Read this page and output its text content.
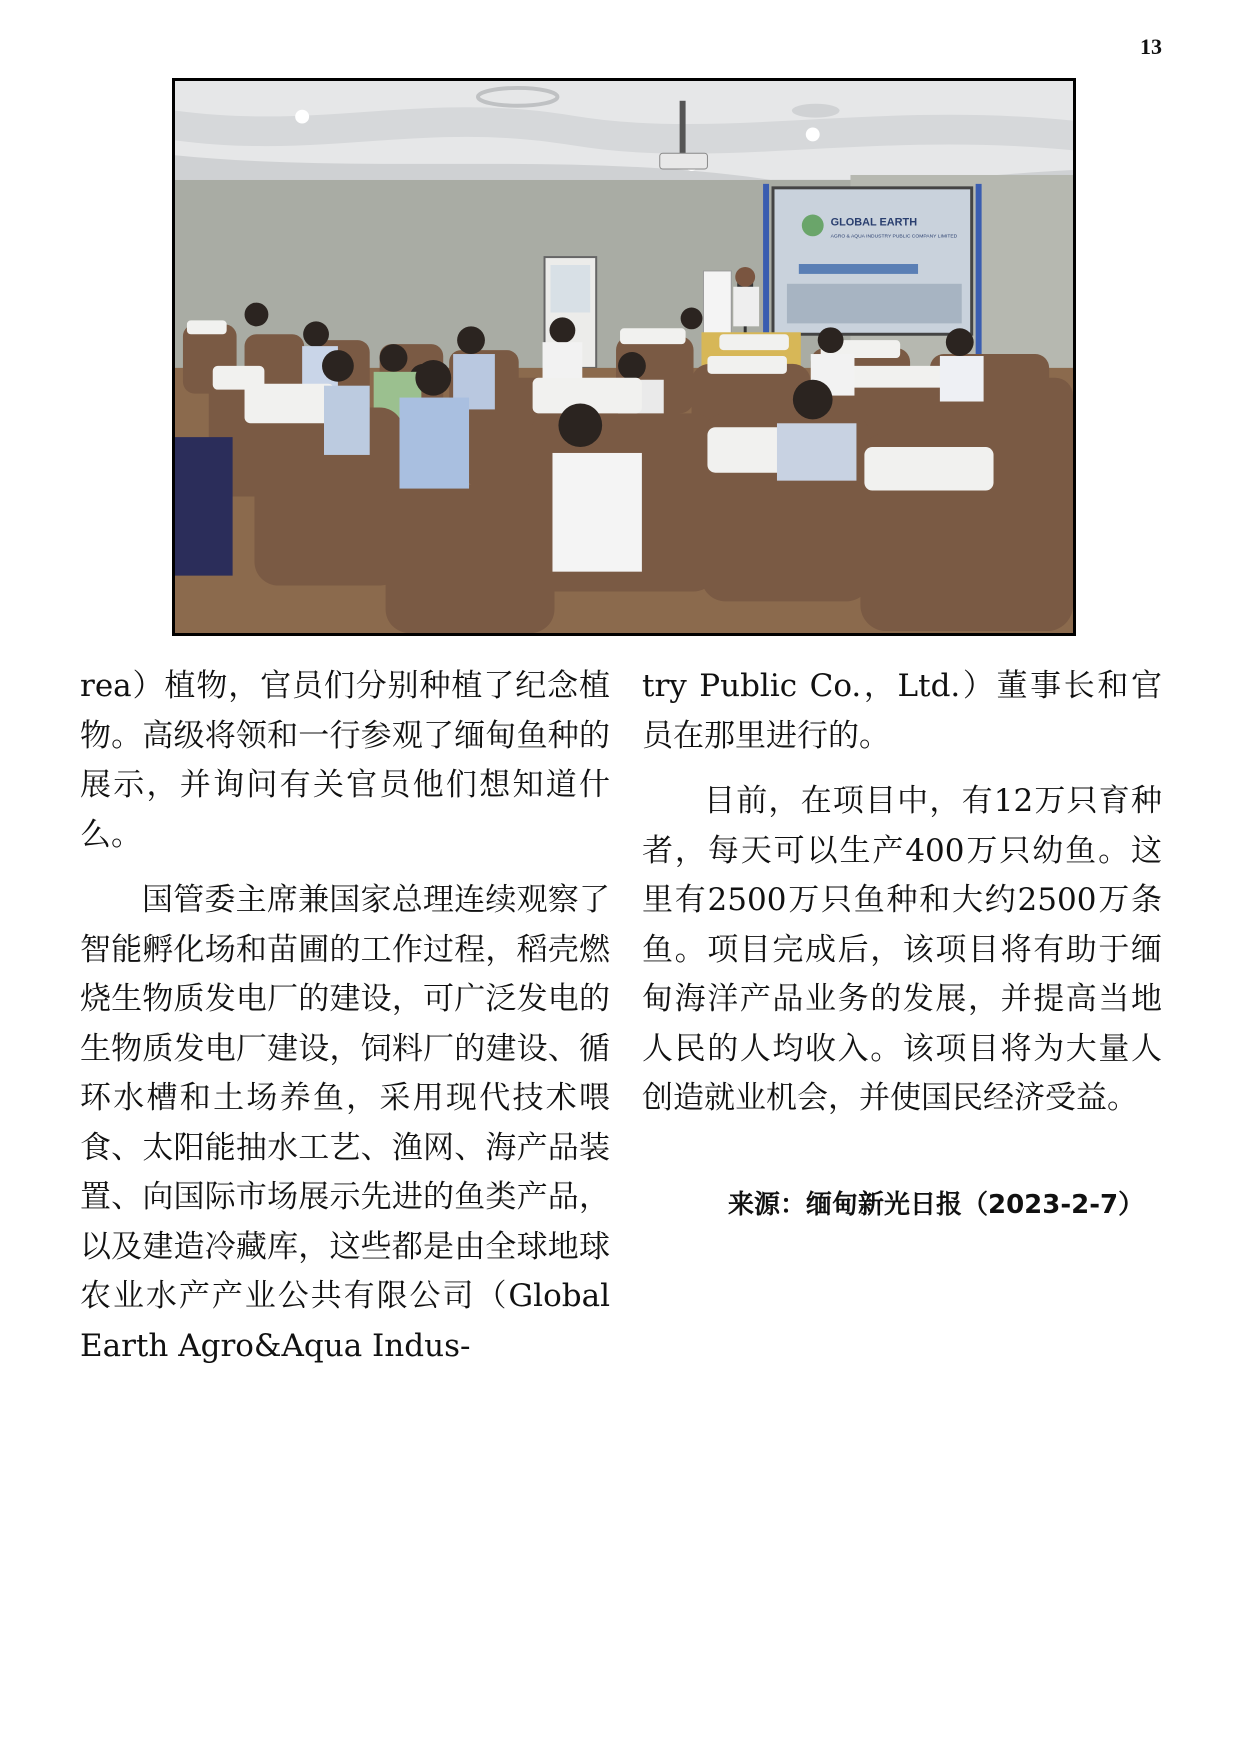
13
GLOBAL EARTH
AGRO & AQUA INDUSTRY PUBLIC COMPANY LIMITED

rea）植物，官员们分别种植了纪念植物。高级将领和一行参观了缅甸鱼种的展示，并询问有关官员他们想知道什么。

国管委主席兼国家总理连续观察了智能孵化场和苗圃的工作过程，稻壳燃烧生物质发电厂的建设，可广泛发电的生物质发电厂建设，饲料厂的建设、循环水槽和土场养鱼，采用现代技术喂食、太阳能抽水工艺、渔网、海产品装置、向国际市场展示先进的鱼类产品，以及建造冷藏库，这些都是由全球地球农业水产产业公共有限公司（Global Earth Agro&Aqua Indus-

try Public Co.，Ltd.）董事长和官员在那里进行的。

目前，在项目中，有12万只育种者，每天可以生产400万只幼鱼。这里有2500万只鱼种和大约2500万条鱼。项目完成后，该项目将有助于缅甸海洋产品业务的发展，并提高当地人民的人均收入。该项目将为大量人创造就业机会，并使国民经济受益。

来源：缅甸新光日报（2023-2-7）
